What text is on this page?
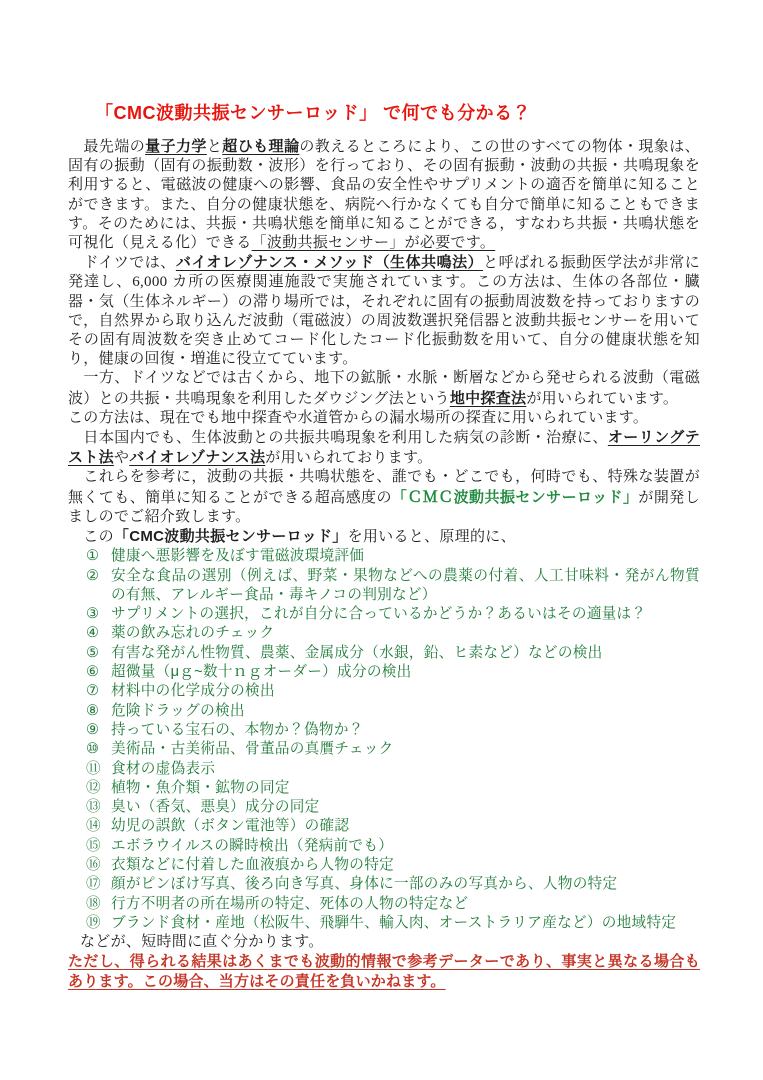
「CMC波動共振センサーロッド」 で何でも分かる？

　最先端の量子力学と超ひも理論の教えるところにより、この世のすべての物体・現象は、固有の振動（固有の振動数・波形）を行っており、その固有振動・波動の共振・共鳴現象を利用すると、電磁波の健康への影響、食品の安全性やサプリメントの適否を簡単に知ることができます。また、自分の健康状態を、病院へ行かなくても自分で簡単に知ることもできます。そのためには、共振・共鳴状態を簡単に知ることができる，すなわち共振・共鳴状態を可視化（見える化）できる「波動共振センサー」が必要です。

　ドイツでは、バイオレゾナンス・メソッド（生体共鳴法）と呼ばれる振動医学法が非常に発達し、6,000 カ所の医療関連施設で実施されています。この方法は、生体の各部位・臓器・気（生体ネルギー）の滞り場所では，それぞれに固有の振動周波数を持っておりますので，自然界から取り込んだ波動（電磁波）の周波数選択発信器と波動共振センサーを用いてその固有周波数を突き止めてコード化したコード化振動数を用いて、自分の健康状態を知り，健康の回復・増進に役立てています。

　一方、ドイツなどでは古くから、地下の鉱脈・水脈・断層などから発せられる波動（電磁波）との共振・共鳴現象を利用したダウジング法という地中探査法が用いられています。

この方法は、現在でも地中探査や水道管からの漏水場所の探査に用いられています。

　日本国内でも、生体波動との共振共鳴現象を利用した病気の診断・治療に、オーリングテスト法やバイオレゾナンス法が用いられております。

　これらを参考に，波動の共振・共鳴状態を、誰でも・どこでも，何時でも、特殊な装置が無くても、簡単に知ることができる超高感度の「ＣＭＣ波動共振センサーロッド」が開発しましのでご紹介致します。

　この「CMC波動共振センサーロッド」を用いると、原理的に、

① 健康へ悪影響を及ぼす電磁波環境評価
② 安全な食品の選別（例えば、野菜・果物などへの農薬の付着、人工甘味料・発がん物質の有無、アレルギー食品・毒キノコの判別など）
③ サプリメントの選択，これが自分に合っているかどうか？あるいはその適量は？
④ 薬の飲み忘れのチェック
⑤ 有害な発がん性物質、農薬、金属成分（水銀，鉛、ヒ素など）などの検出
⑥ 超微量（μｇ~数十ｎｇオーダー）成分の検出
⑦ 材料中の化学成分の検出
⑧ 危険ドラッグの検出
⑨ 持っている宝石の、本物か？偽物か？
⑩ 美術品・古美術品、骨董品の真贋チェック
⑪ 食材の虚偽表示
⑫ 植物・魚介類・鉱物の同定
⑬ 臭い（香気、悪臭）成分の同定
⑭ 幼児の誤飲（ボタン電池等）の確認
⑮ エボラウイルスの瞬時検出（発病前でも）
⑯ 衣類などに付着した血液痕から人物の特定
⑰ 顔がピンぼけ写真、後ろ向き写真、身体に一部のみの写真から、人物の特定
⑱ 行方不明者の所在場所の特定、死体の人物の特定など
⑲ ブランド食材・産地（松阪牛、飛騨牛、輸入肉、オーストラリア産など）の地域特定

などが、短時間に直ぐ分かります。

ただし、得られる結果はあくまでも波動的情報で参考データーであり、事実と異なる場合もあります。この場合、当方はその責任を負いかねます。
